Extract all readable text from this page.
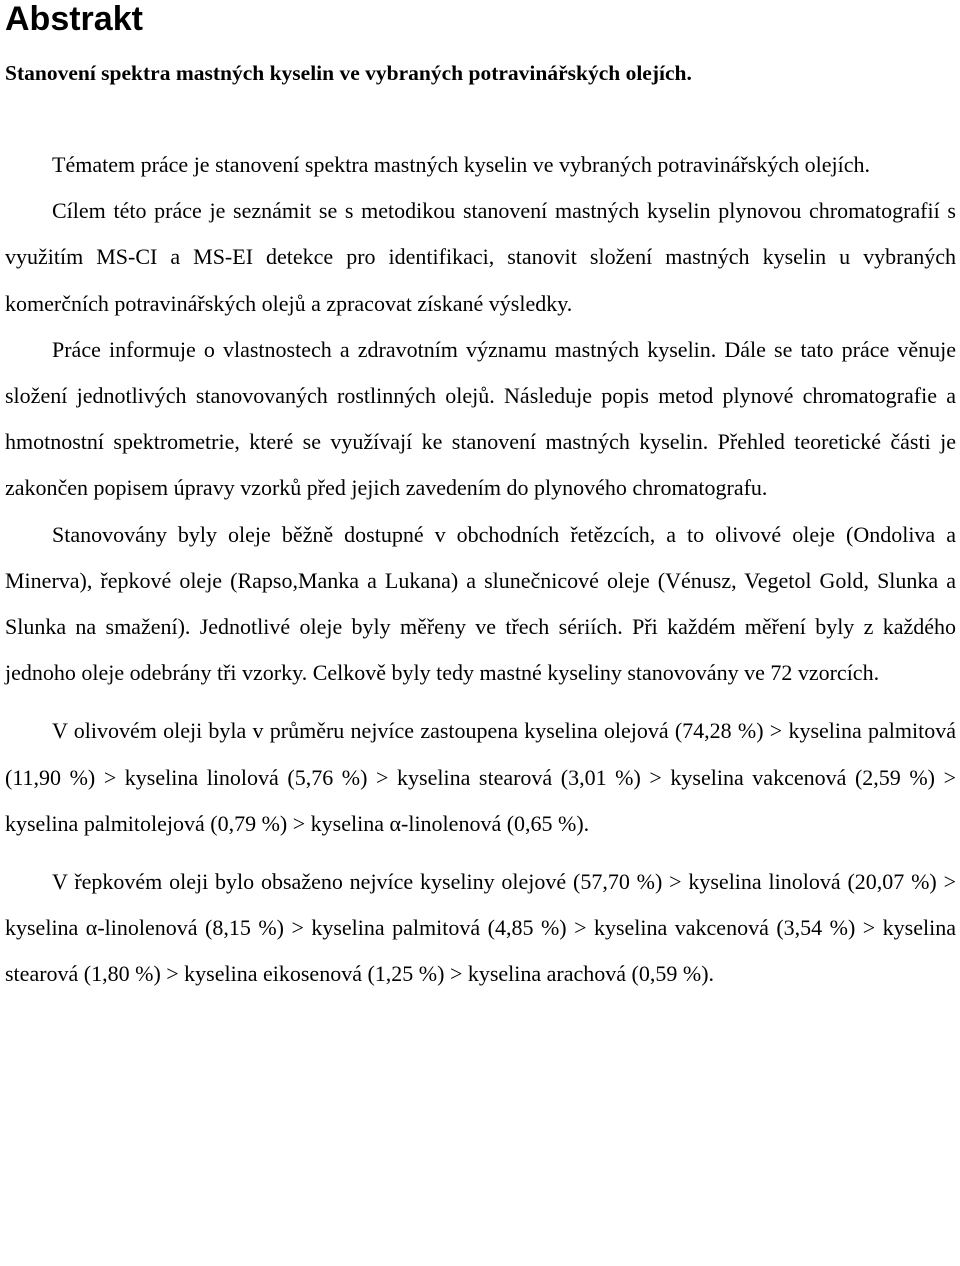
Abstrakt

Stanovení spektra mastných kyselin ve vybraných potravinářských olejích.

Tématem práce je stanovení spektra mastných kyselin ve vybraných potravinářských olejích.

Cílem této práce je seznámit se s metodikou stanovení mastných kyselin plynovou chromatografií s využitím MS-CI a MS-EI detekce pro identifikaci, stanovit složení mastných kyselin u vybraných komerčních potravinářských olejů a zpracovat získané výsledky.

Práce informuje o vlastnostech a zdravotním významu mastných kyselin. Dále se tato práce věnuje složení jednotlivých stanovovaných rostlinných olejů. Následuje popis metod plynové chromatografie a hmotnostní spektrometrie, které se využívají ke stanovení mastných kyselin. Přehled teoretické části je zakončen popisem úpravy vzorků před jejich zavedením do plynového chromatografu.

Stanovovány byly oleje běžně dostupné v obchodních řetězcích, a to olivové oleje (Ondoliva a Minerva), řepkové oleje (Rapso,Manka a Lukana) a slunečnicové oleje (Vénusz, Vegetol Gold, Slunka a Slunka na smažení). Jednotlivé oleje byly měřeny ve třech sériích. Při každém měření byly z každého jednoho oleje odebrány tři vzorky. Celkově byly tedy mastné kyseliny stanovovány ve 72 vzorcích.

V olivovém oleji byla v průměru nejvíce zastoupena kyselina olejová (74,28 %) > kyselina palmitová (11,90 %) > kyselina linolová (5,76 %) > kyselina stearová (3,01 %) > kyselina vakcenová (2,59 %) > kyselina palmitolejová (0,79 %) > kyselina α-linolenová (0,65 %).

V řepkovém oleji bylo obsaženo nejvíce kyseliny olejové (57,70 %) > kyselina linolová (20,07 %) > kyselina α-linolenová (8,15 %) > kyselina palmitová (4,85 %) > kyselina vakcenová (3,54 %) > kyselina stearová (1,80 %) > kyselina eikosenová (1,25 %) > kyselina arachová (0,59 %).
